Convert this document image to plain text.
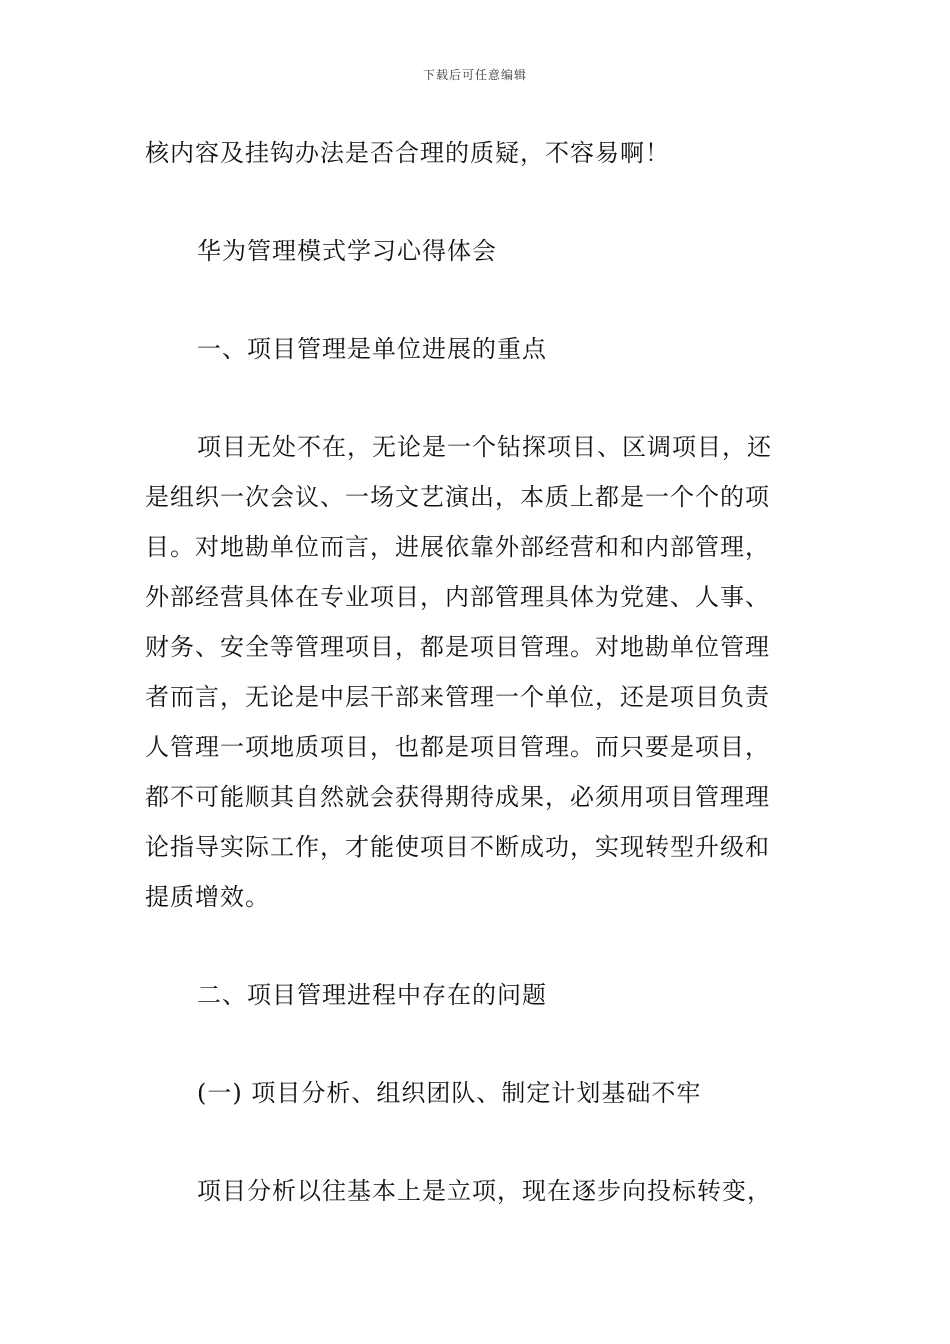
下载后可任意编辑
核内容及挂钩办法是否合理的质疑，不容易啊！
华为管理模式学习心得体会
一、项目管理是单位进展的重点
项目无处不在，无论是一个钻探项目、区调项目，还
是组织一次会议、一场文艺演出，本质上都是一个个的项
目。对地勘单位而言，进展依靠外部经营和和内部管理，
外部经营具体在专业项目，内部管理具体为党建、人事、
财务、安全等管理项目，都是项目管理。对地勘单位管理
者而言，无论是中层干部来管理一个单位，还是项目负责
人管理一项地质项目，也都是项目管理。而只要是项目，
都不可能顺其自然就会获得期待成果，必须用项目管理理
论指导实际工作，才能使项目不断成功，实现转型升级和
提质增效。
二、项目管理进程中存在的问题
(一) 项目分析、组织团队、制定计划基础不牢
项目分析以往基本上是立项，现在逐步向投标转变，
